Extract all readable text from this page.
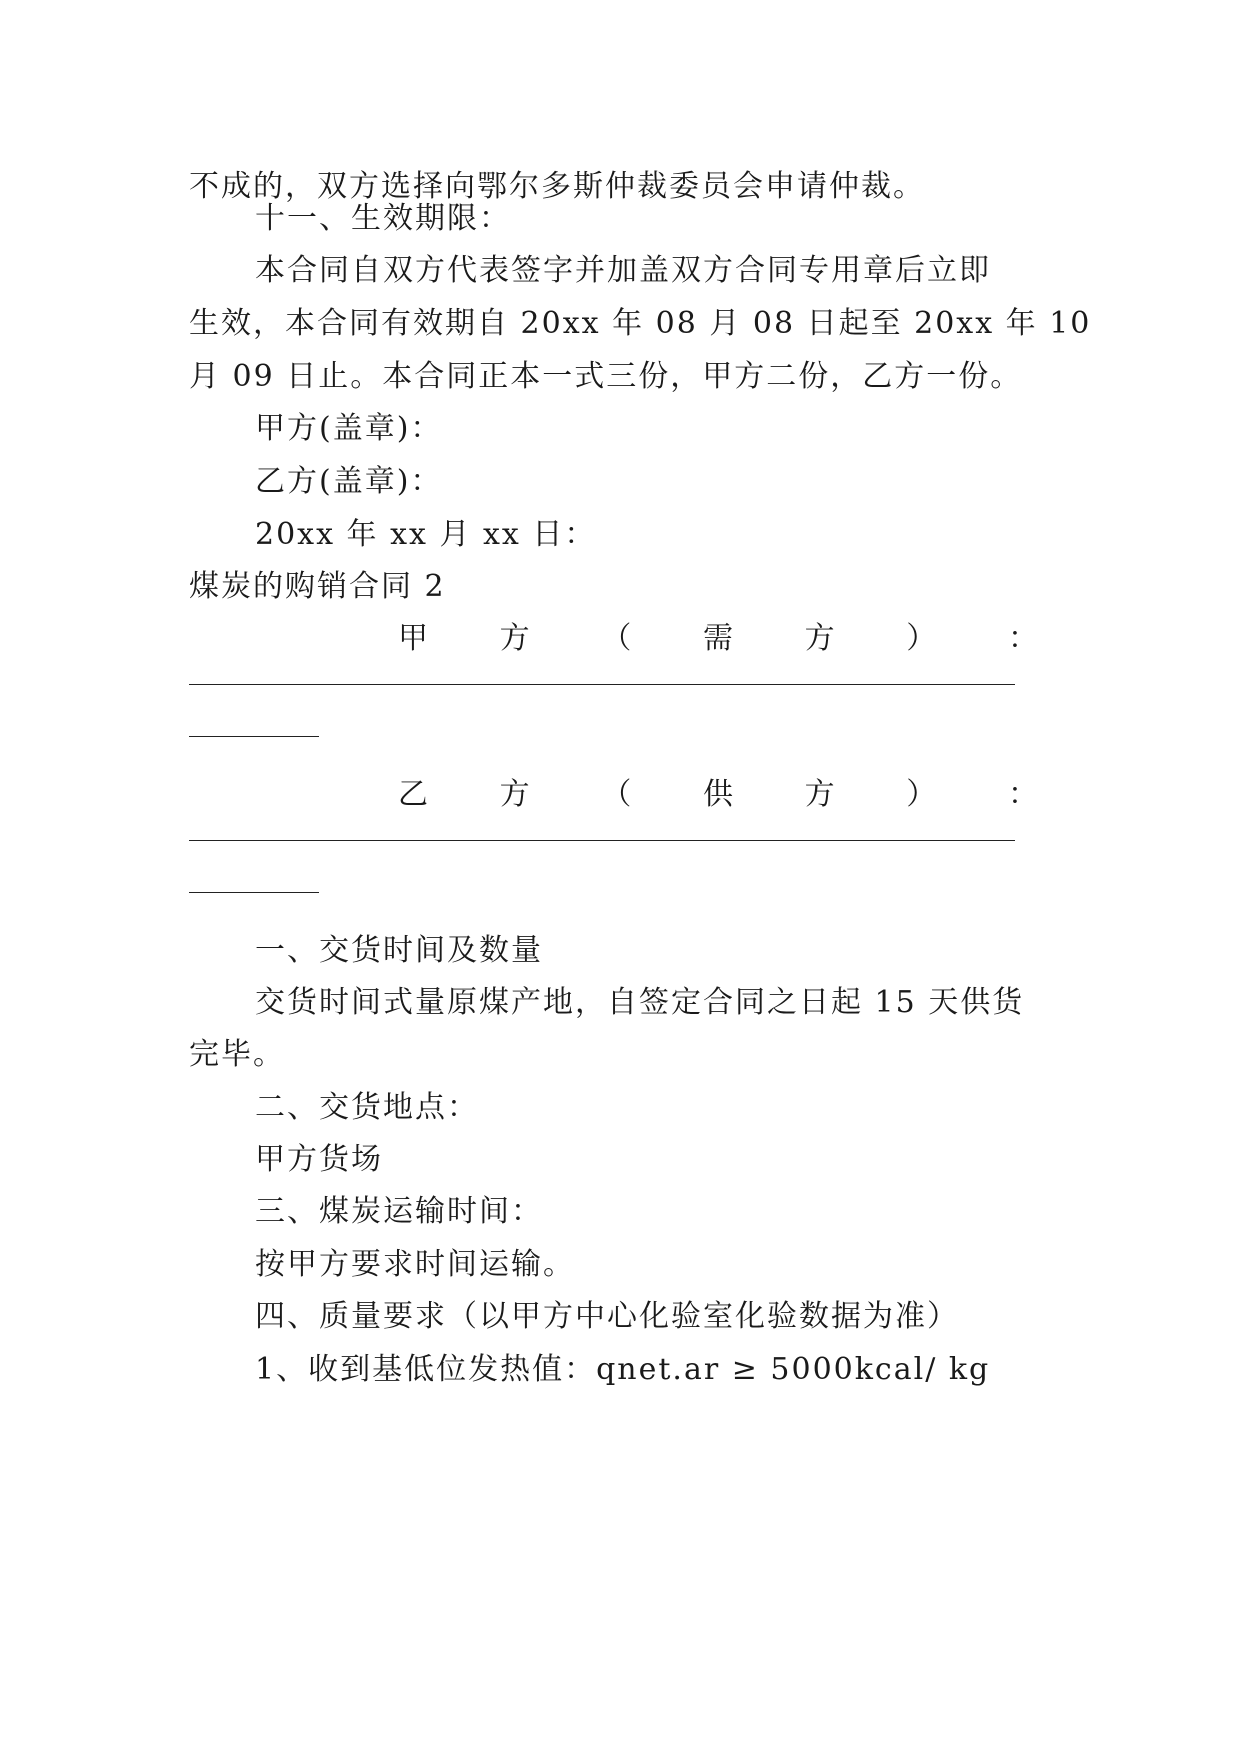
不成的，双方选择向鄂尔多斯仲裁委员会申请仲裁。
十一、生效期限：
本合同自双方代表签字并加盖双方合同专用章后立即
生效，本合同有效期自 20xx 年 08 月 08 日起至 20xx 年 10
月 09 日止。本合同正本一式三份，甲方二份，乙方一份。
甲方(盖章)：
乙方(盖章)：
20xx 年 xx 月 xx 日：
煤炭的购销合同 2
甲 方 （ 需 方 ） ：
乙 方 （ 供 方 ） ：
一、交货时间及数量
交货时间式量原煤产地，自签定合同之日起 15 天供货
完毕。
二、交货地点：
甲方货场
三、煤炭运输时间：
按甲方要求时间运输。
四、质量要求（以甲方中心化验室化验数据为准）
1、收到基低位发热值：qnet.ar ≥ 5000kcal/ kg
